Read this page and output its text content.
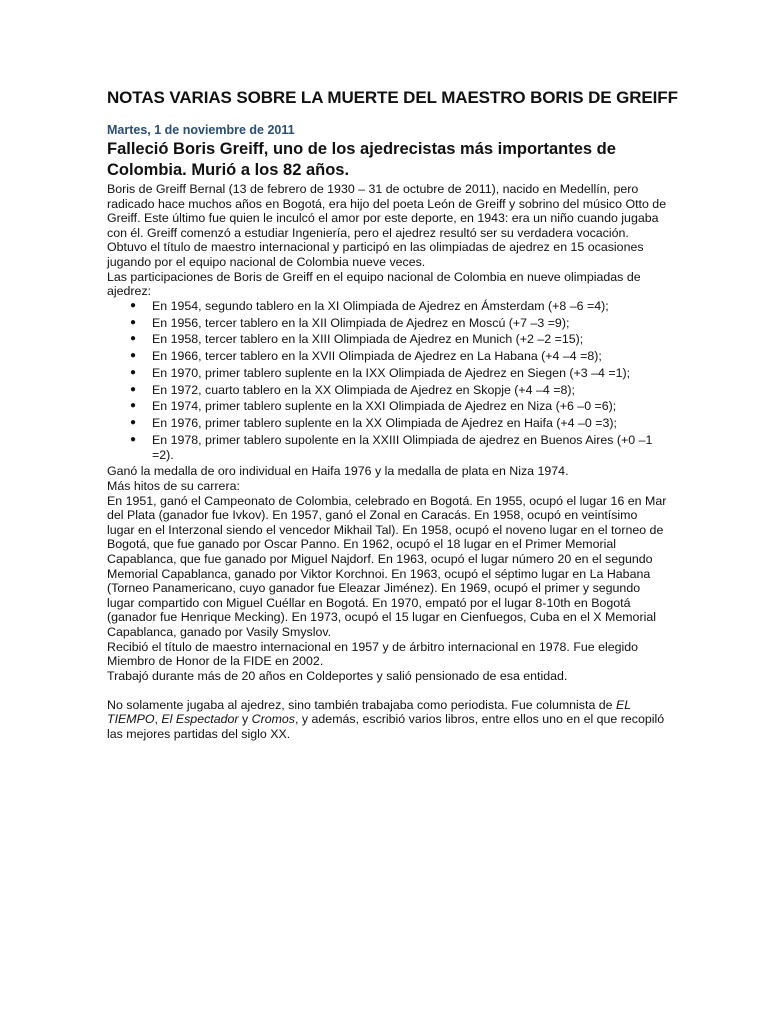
NOTAS VARIAS SOBRE LA MUERTE DEL MAESTRO BORIS DE GREIFF
Martes, 1 de noviembre de 2011
Falleció Boris Greiff, uno de los ajedrecistas más importantes de Colombia. Murió a los 82 años.

Boris de Greiff Bernal (13 de febrero de 1930 – 31 de octubre de 2011), nacido en Medellín, pero radicado hace muchos años en Bogotá, era hijo del poeta León de Greiff y sobrino del músico Otto de Greiff. Este último fue quien le inculcó el amor por este deporte, en 1943: era un niño cuando jugaba con él. Greiff comenzó a estudiar Ingeniería, pero el ajedrez resultó ser su verdadera vocación. Obtuvo el título de maestro internacional y participó en las olimpiadas de ajedrez en 15 ocasiones jugando por el equipo nacional de Colombia nueve veces.

Las participaciones de Boris de Greiff en el equipo nacional de Colombia en nueve olimpiadas de ajedrez:

● En 1954, segundo tablero en la XI Olimpiada de Ajedrez en Ámsterdam (+8 –6 =4);
● En 1956, tercer tablero en la XII Olimpiada de Ajedrez en Moscú (+7 –3 =9);
● En 1958, tercer tablero en la XIII Olimpiada de Ajedrez en Munich (+2 –2 =15);
● En 1966, tercer tablero en la XVII Olimpiada de Ajedrez en La Habana (+4 –4 =8);
● En 1970, primer tablero suplente en la IXX Olimpiada de Ajedrez en Siegen (+3 –4 =1);
● En 1972, cuarto tablero en la XX Olimpiada de Ajedrez en Skopje (+4 –4 =8);
● En 1974, primer tablero suplente en la XXI Olimpiada de Ajedrez en Niza (+6 –0 =6);
● En 1976, primer tablero suplente en la XX Olimpiada de Ajedrez en Haifa (+4 –0 =3);
● En 1978, primer tablero supolente en la XXIII Olimpiada de ajedrez en Buenos Aires (+0 –1 =2).

Ganó la medalla de oro individual en Haifa 1976 y la medalla de plata en Niza 1974.

Más hitos de su carrera:

En 1951, ganó el Campeonato de Colombia, celebrado en Bogotá. En 1955, ocupó el lugar 16 en Mar del Plata (ganador fue Ivkov). En 1957, ganó el Zonal en Caracás. En 1958, ocupó en veintísimo lugar en el Interzonal siendo el vencedor Mikhail Tal). En 1958, ocupó el noveno lugar en el torneo de Bogotá, que fue ganado por Oscar Panno. En 1962, ocupó el 18 lugar en el Primer Memorial Capablanca, que fue ganado por Miguel Najdorf. En 1963, ocupó el lugar número 20 en el segundo Memorial Capablanca, ganado por Viktor Korchnoi. En 1963, ocupó el séptimo lugar en La Habana (Torneo Panamericano, cuyo ganador fue Eleazar Jiménez). En 1969, ocupó el primer y segundo lugar compartido con Miguel Cuéllar en Bogotá. En 1970, empató por el lugar 8-10th en Bogotá (ganador fue Henrique Mecking). En 1973, ocupó el 15 lugar en Cienfuegos, Cuba en el X Memorial Capablanca, ganado por Vasily Smyslov.

Recibió el título de maestro internacional en 1957 y de árbitro internacional en 1978. Fue elegido Miembro de Honor de la FIDE en 2002.

Trabajó durante más de 20 años en Coldeportes y salió pensionado de esa entidad.

No solamente jugaba al ajedrez, sino también trabajaba como periodista. Fue columnista de EL TIEMPO, El Espectador y Cromos, y además, escribió varios libros, entre ellos uno en el que recopiló las mejores partidas del siglo XX.
